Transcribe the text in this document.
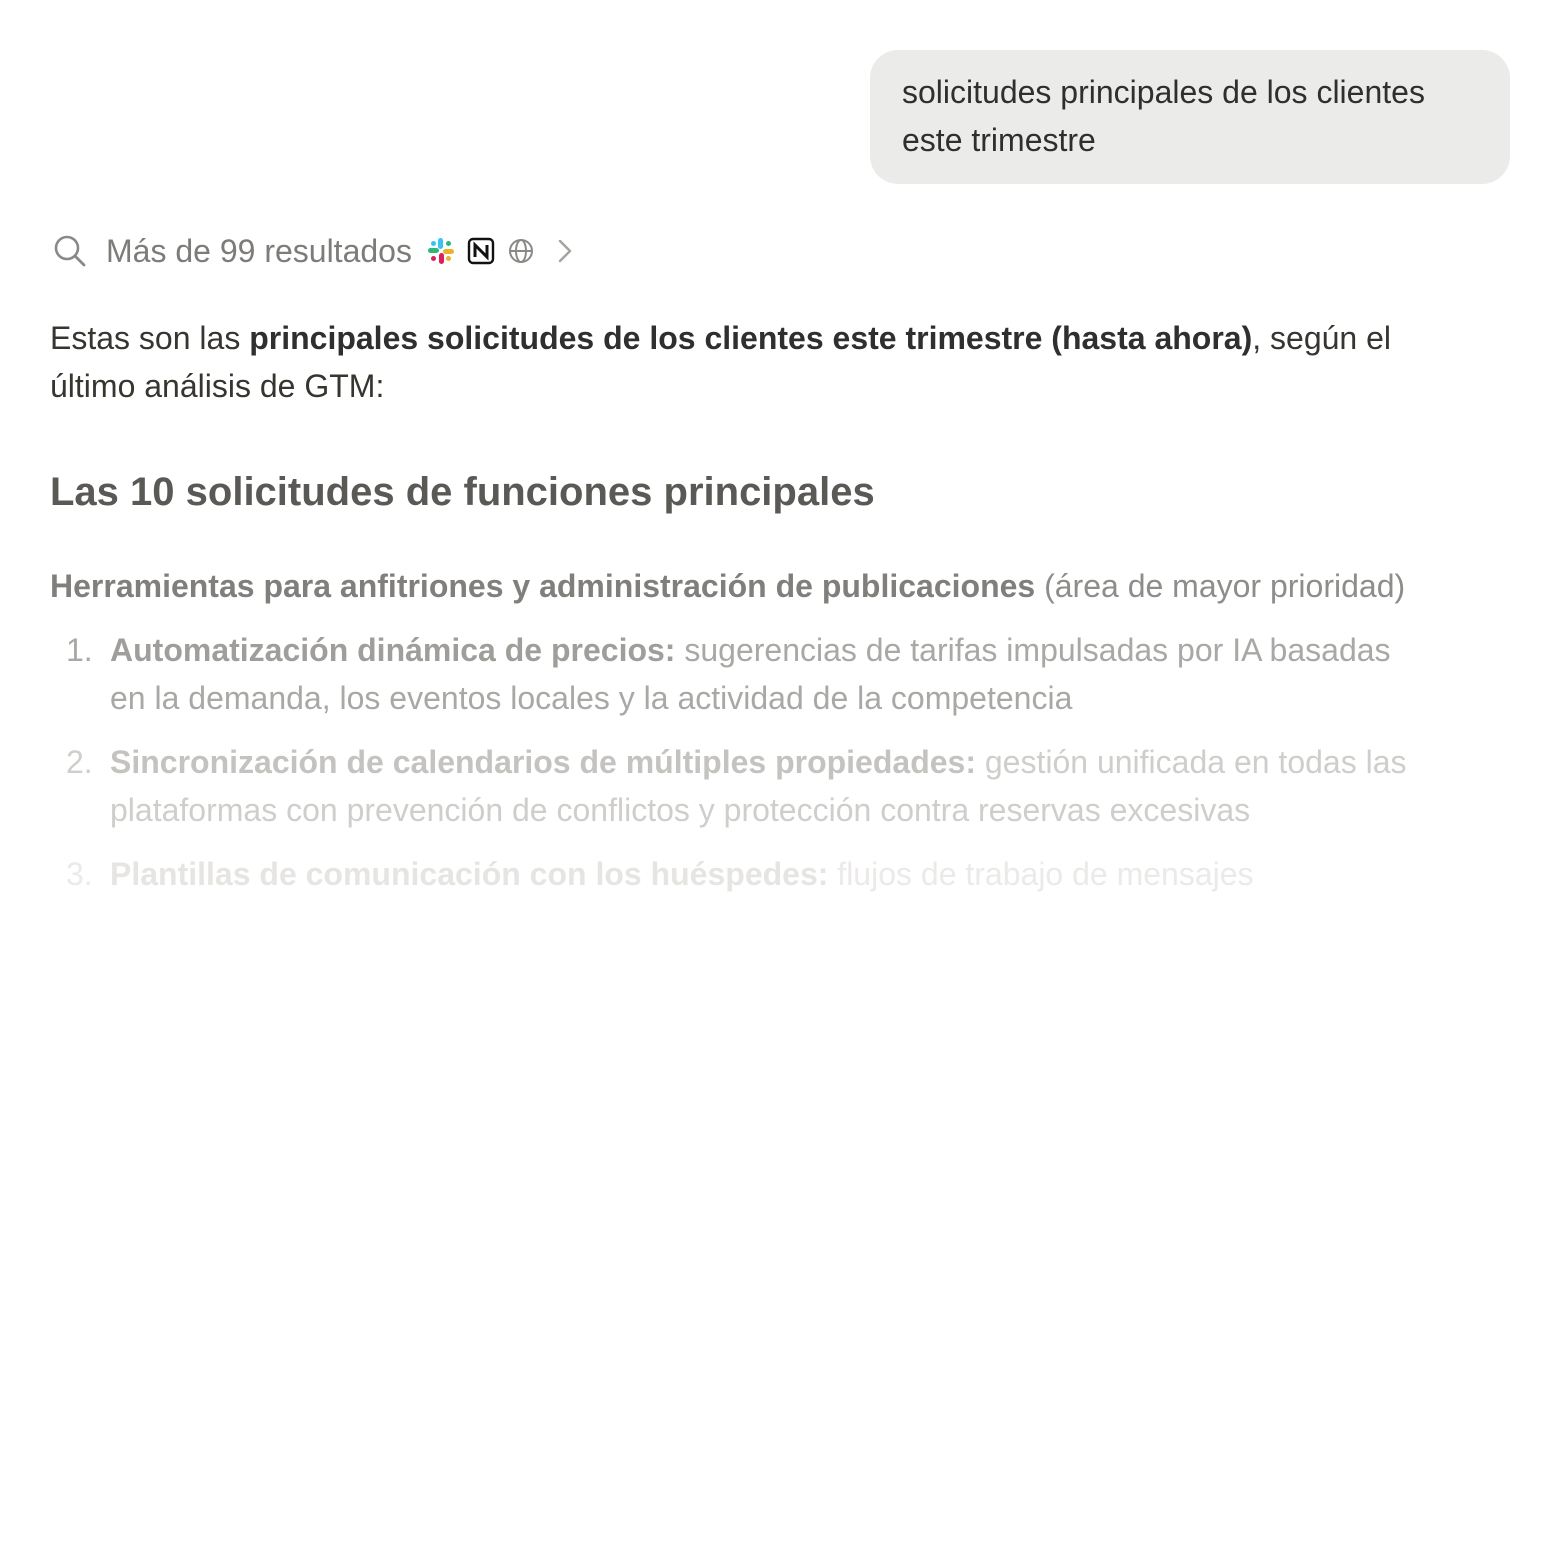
solicitudes principales de los clientes
este trimestre
Más de 99 resultados

Estas son las principales solicitudes de los clientes este trimestre (hasta ahora), según el

último análisis de GTM:

Las 10 solicitudes de funciones principales
Herramientas para anfitriones y administración de publicaciones (área de mayor prioridad)
1. Automatización dinámica de precios: sugerencias de tarifas impulsadas por IA basadas
en la demanda, los eventos locales y la actividad de la competencia
2. Sincronización de calendarios de múltiples propiedades: gestión unificada en todas las
plataformas con prevención de conflictos y protección contra reservas excesivas
3. Plantillas de comunicación con los huéspedes: flujos de trabajo de mensajes
